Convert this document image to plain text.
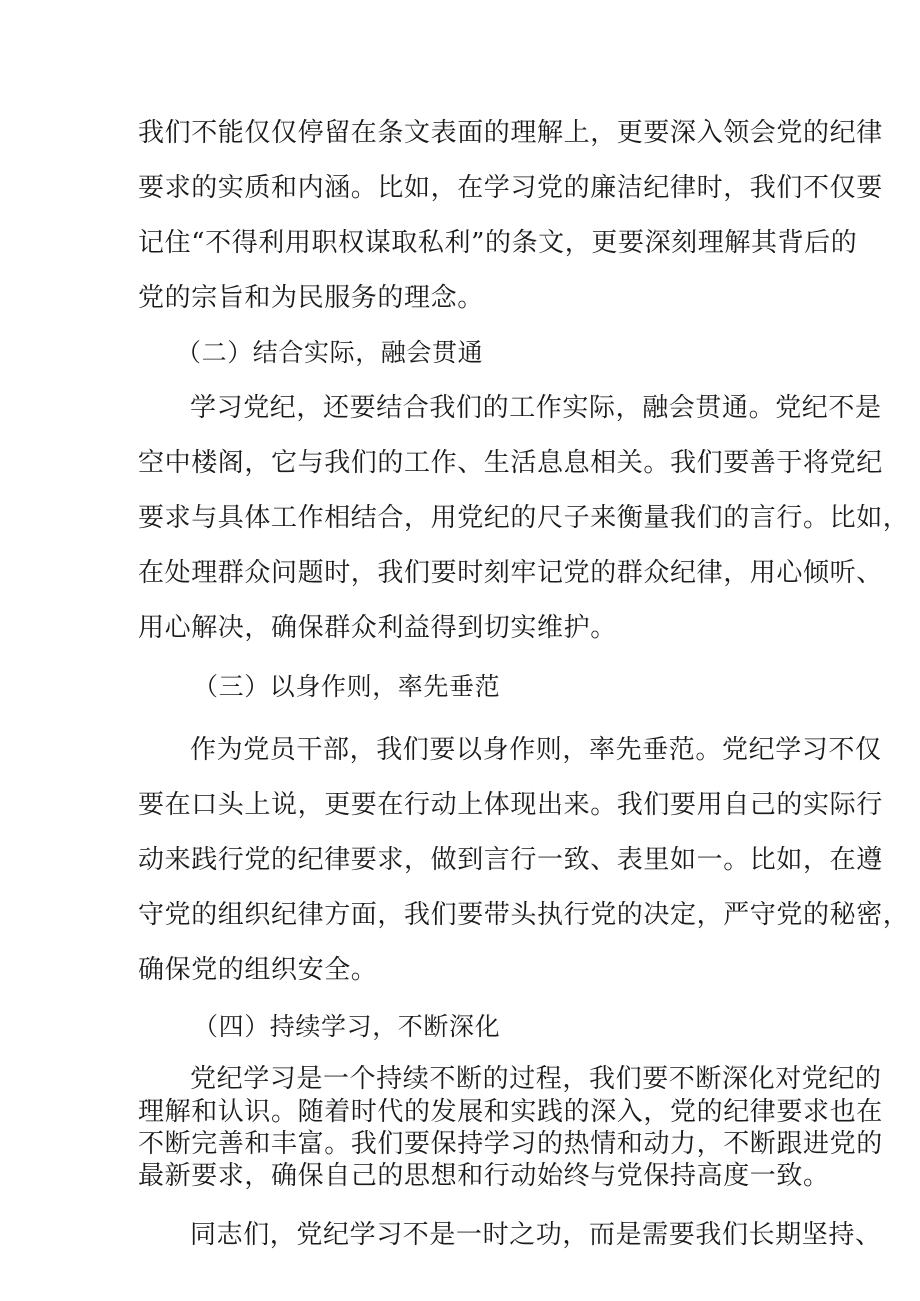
我们不能仅仅停留在条文表面的理解上，更要深入领会党的纪律
要求的实质和内涵。比如，在学习党的廉洁纪律时，我们不仅要
记住“不得利用职权谋取私利”的条文，更要深刻理解其背后的
党的宗旨和为民服务的理念。
（二）结合实际，融会贯通
学习党纪，还要结合我们的工作实际，融会贯通。党纪不是
空中楼阁，它与我们的工作、生活息息相关。我们要善于将党纪
要求与具体工作相结合，用党纪的尺子来衡量我们的言行。比如，
在处理群众问题时，我们要时刻牢记党的群众纪律，用心倾听、
用心解决，确保群众利益得到切实维护。
（三）以身作则，率先垂范
作为党员干部，我们要以身作则，率先垂范。党纪学习不仅
要在口头上说，更要在行动上体现出来。我们要用自己的实际行
动来践行党的纪律要求，做到言行一致、表里如一。比如，在遵
守党的组织纪律方面，我们要带头执行党的决定，严守党的秘密，
确保党的组织安全。
（四）持续学习，不断深化
党纪学习是一个持续不断的过程，我们要不断深化对党纪的
理解和认识。随着时代的发展和实践的深入，党的纪律要求也在
不断完善和丰富。我们要保持学习的热情和动力，不断跟进党的
最新要求，确保自己的思想和行动始终与党保持高度一致。
同志们，党纪学习不是一时之功，而是需要我们长期坚持、
